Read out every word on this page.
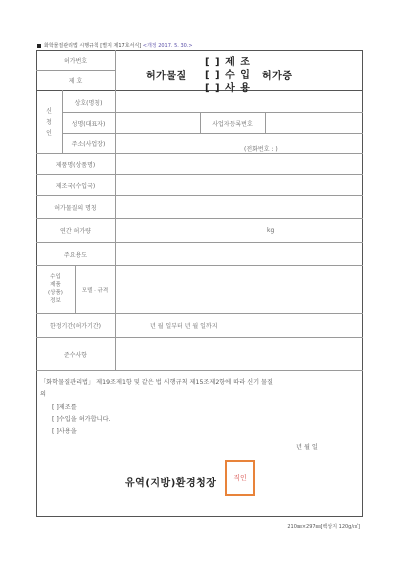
화학물질관리법 시행규칙 [별지 제17호서식] <개정 2017. 5. 30.>
허가번호
제 호	허가물질
[ ] 제 조
[ ] 수 입
[ ] 사 용
허가증
신
청
인
상호(명칭)
성명(대표자)	사업자등록번호
주소(사업장)
(전화번호 : )
제품명(상품명)
제조국(수입국)
허가물질의 명칭
연간 허가량	kg
주요용도
수입
제품
(상품)
정보
모델 · 규격
한정기간(허가기간)	년 월 일부터 년 월 일까지
준수사항
「화학물질관리법」 제19조제1항 및 같은 법 시행규칙 제15조제2항에 따라 신기 물질
의
[ ]제조를
[ ]수입을 허가합니다.
[ ]사용을
년 월 일
유역(지방)환경청장 직인
210㎜×297㎜[백상지 120g/㎡]
